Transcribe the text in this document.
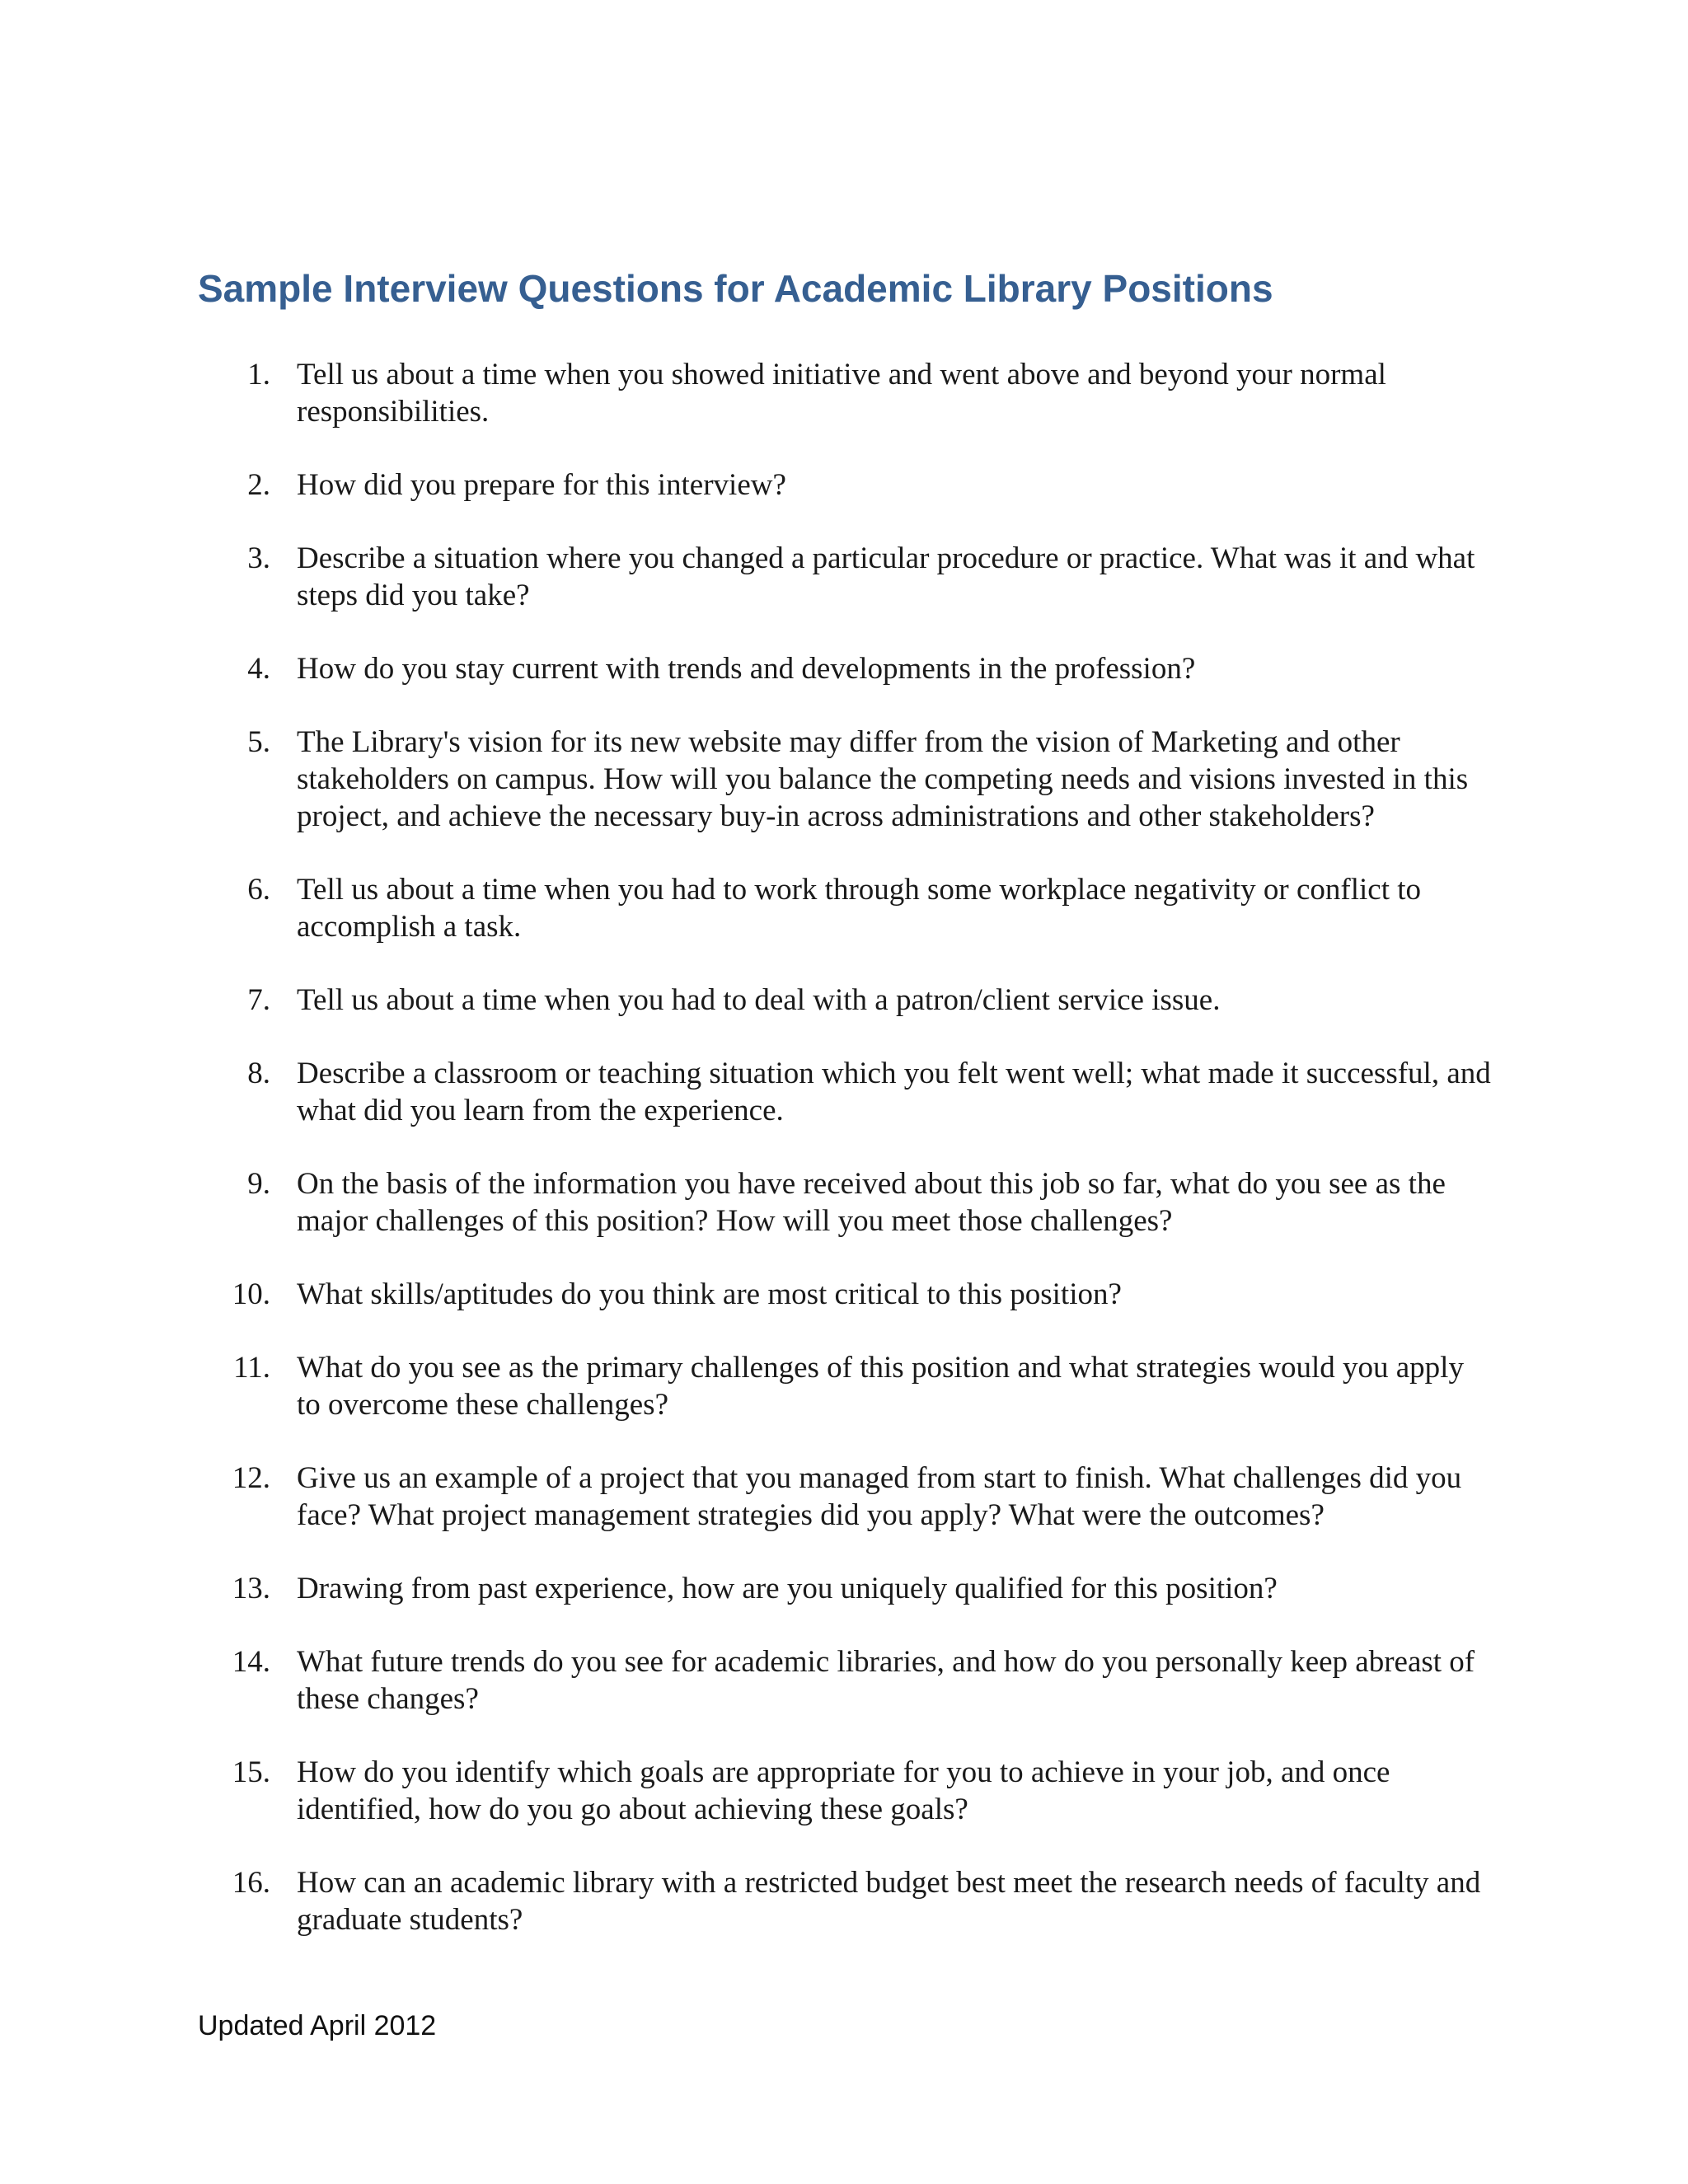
Sample Interview Questions for Academic Library Positions
1. Tell us about a time when you showed initiative and went above and beyond your normal responsibilities.
2. How did you prepare for this interview?
3. Describe a situation where you changed a particular procedure or practice. What was it and what steps did you take?
4. How do you stay current with trends and developments in the profession?
5. The Library's vision for its new website may differ from the vision of Marketing and other stakeholders on campus. How will you balance the competing needs and visions invested in this project, and achieve the necessary buy-in across administrations and other stakeholders?
6. Tell us about a time when you had to work through some workplace negativity or conflict to accomplish a task.
7. Tell us about a time when you had to deal with a patron/client service issue.
8. Describe a classroom or teaching situation which you felt went well; what made it successful, and what did you learn from the experience.
9. On the basis of the information you have received about this job so far, what do you see as the major challenges of this position? How will you meet those challenges?
10. What skills/aptitudes do you think are most critical to this position?
11. What do you see as the primary challenges of this position and what strategies would you apply to overcome these challenges?
12. Give us an example of a project that you managed from start to finish. What challenges did you face? What project management strategies did you apply? What were the outcomes?
13. Drawing from past experience, how are you uniquely qualified for this position?
14. What future trends do you see for academic libraries, and how do you personally keep abreast of these changes?
15. How do you identify which goals are appropriate for you to achieve in your job, and once identified, how do you go about achieving these goals?
16. How can an academic library with a restricted budget best meet the research needs of faculty and graduate students?

Updated April 2012
